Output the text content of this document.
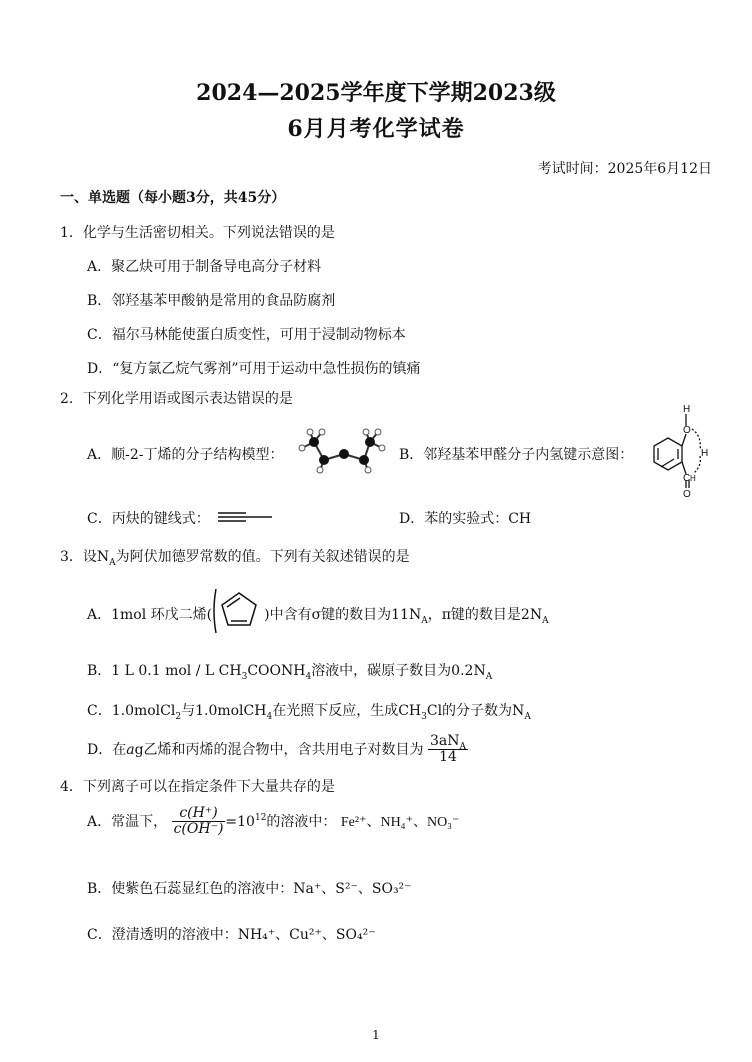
2024—2025学年度下学期2023级
6月月考化学试卷
考试时间：2025年6月12日
一、单选题（每小题3分，共45分）
1．化学与生活密切相关。下列说法错误的是
A．聚乙炔可用于制备导电高分子材料
B．邻羟基苯甲酸钠是常用的食品防腐剂
C．福尔马林能使蛋白质变性，可用于浸制动物标本
D．“复方氯乙烷气雾剂”可用于运动中急性损伤的镇痛
2．下列化学用语或图示表达错误的是
A．顺-2-丁烯的分子结构模型：	B．邻羟基苯甲醛分子内氢键示意图：
H
O
H
C H
O
C．丙炔的键线式：	D．苯的实验式：CH
3．设$N_A$为阿伏加德罗常数的值。下列有关叙述错误的是
A．1mol 环戊二烯(	)中含有σ键的数目为$11N_A$，π键的数目是$2N_A$
B．1 L 0.1 mol / L $CH_3COONH_4$溶液中，碳原子数目为$0.2N_A$
C．1.0molCl$_2$与1.0molCH$_4$在光照下反应，生成$CH_3Cl$的分子数为$N_A$
D．在ag乙烯和丙烯的混合物中，含共用电子对数目为 $\frac{3aN_A}{14}$
4．下列离子可以在指定条件下大量共存的是
A．常温下， $\frac{c(H^+)}{c(OH^-)} =10^{12}$的溶液中： Fe²⁺、NH₄⁺、NO₃⁻
B．使紫色石蕊显红色的溶液中：Na⁺、S²⁻、SO₃²⁻
C．澄清透明的溶液中：NH₄⁺、Cu²⁺、SO₄²⁻
1
